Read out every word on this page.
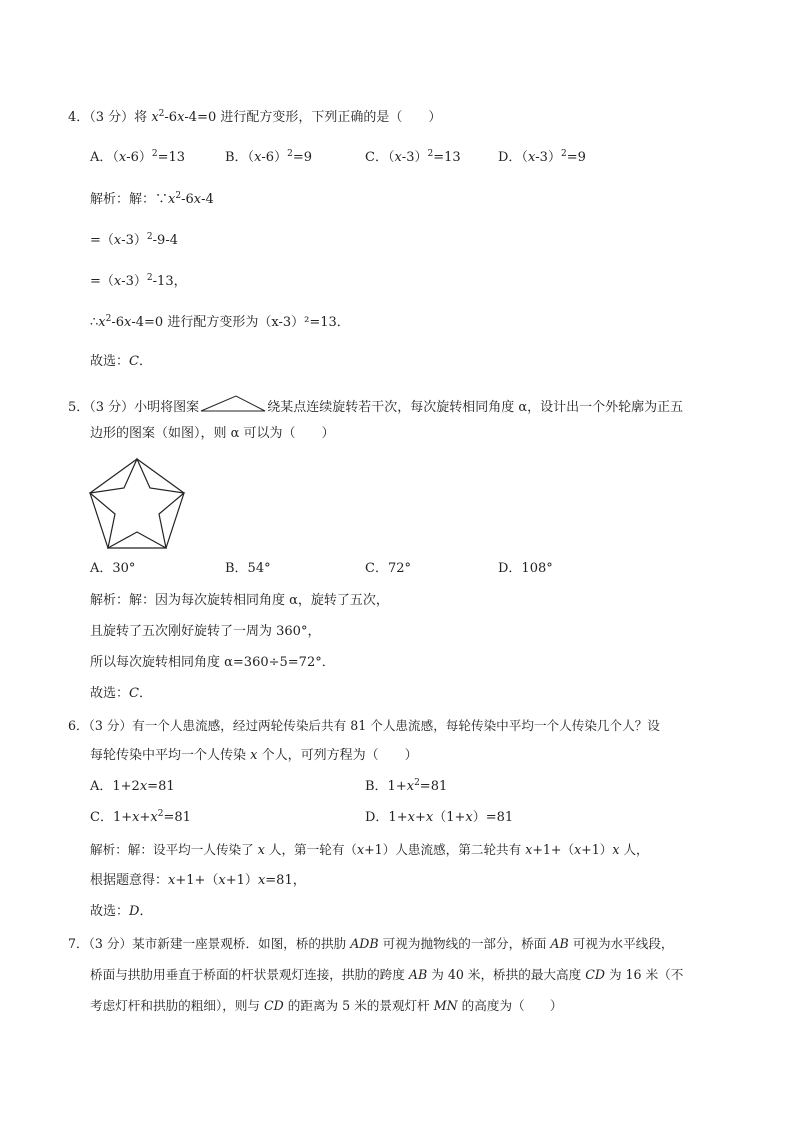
4．（3 分）将 $x^2-6x-4=0$ 进行配方变形，下列正确的是（　　）
A．$(x-6)^2=13$	B．$(x-6)^2=9$	C．$(x-3)^2=13$	D．$(x-3)^2=9$
解析：解：$\because x^2-6x-4$
$=(x-3)^2-9-4$
$=(x-3)^2-13$，
$\therefore x^2-6x-4=0$ 进行配方变形为（x-3）²=13．
故选：C．
5．（3 分）小明将图案	绕某点连续旋转若干次，每次旋转相同角度 α，设计出一个外轮廓为正五
边形的图案（如图），则 α 可以为（　　）
A．30°	B．54°	C．72°	D．108°
解析：解：因为每次旋转相同角度 α，旋转了五次，
且旋转了五次刚好旋转了一周为 360°，
所以每次旋转相同角度 α=360÷5=72°．
故选：C．
6．（3 分）有一个人患流感，经过两轮传染后共有 81 个人患流感，每轮传染中平均一个人传染几个人？设
每轮传染中平均一个人传染 x 个人，可列方程为（　　）
A．1+2x=81	B．$1+x^2=81$
C．$1+x+x^2=81$	D．1+x+x（1+x）=81
解析：解：设平均一人传染了 x 人，第一轮有（x+1）人患流感，第二轮共有 x+1+（x+1）x 人，
根据题意得：x+1+（x+1）x=81，
故选：D．
7．（3 分）某市新建一座景观桥．如图，桥的拱肋 ADB 可视为抛物线的一部分，桥面 AB 可视为水平线段，
桥面与拱肋用垂直于桥面的杆状景观灯连接，拱肋的跨度 AB 为 40 米，桥拱的最大高度 CD 为 16 米（不
考虑灯杆和拱肋的粗细），则与 CD 的距离为 5 米的景观灯杆 MN 的高度为（　　）
